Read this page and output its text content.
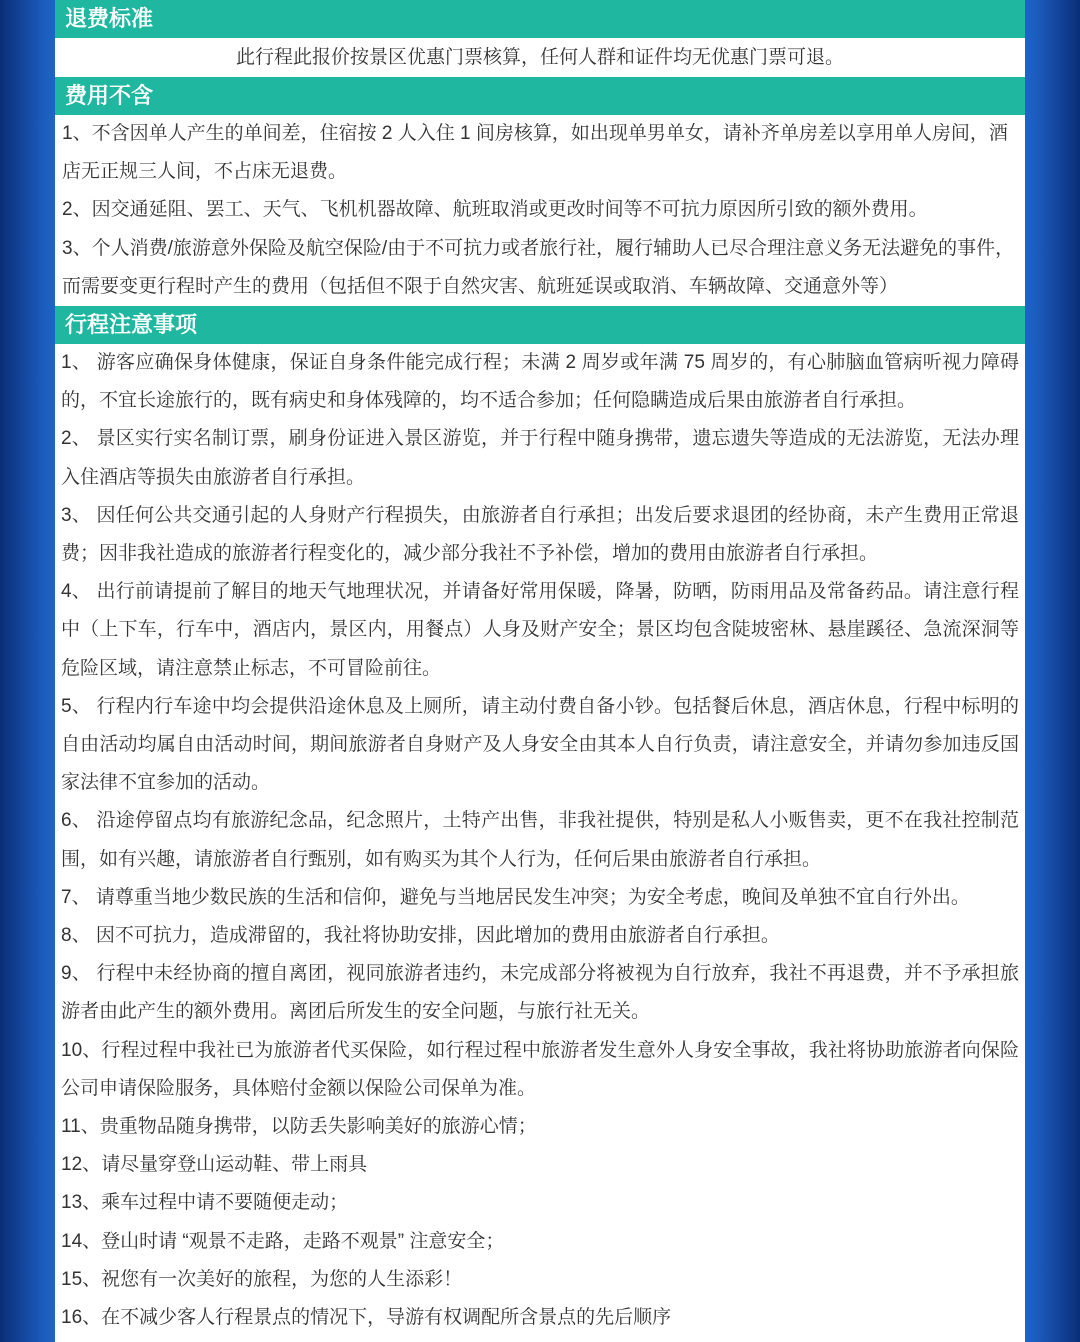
退费标准
此行程此报价按景区优惠门票核算，任何人群和证件均无优惠门票可退。
费用不含

1、不含因单人产生的单间差，住宿按 2 人入住 1 间房核算，如出现单男单女，请补齐单房差以享用单人房间，酒店无正规三人间，不占床无退费。

2、因交通延阻、罢工、天气、飞机机器故障、航班取消或更改时间等不可抗力原因所引致的额外费用。

3、个人消费/旅游意外保险及航空保险/由于不可抗力或者旅行社，履行辅助人已尽合理注意义务无法避免的事件，而需要变更行程时产生的费用（包括但不限于自然灾害、航班延误或取消、车辆故障、交通意外等）

行程注意事项

1、 游客应确保身体健康，保证自身条件能完成行程；未满 2 周岁或年满 75 周岁的，有心肺脑血管病听视力障碍的，不宜长途旅行的，既有病史和身体残障的，均不适合参加；任何隐瞒造成后果由旅游者自行承担。

2、 景区实行实名制订票，刷身份证进入景区游览，并于行程中随身携带，遗忘遗失等造成的无法游览，无法办理入住酒店等损失由旅游者自行承担。

3、 因任何公共交通引起的人身财产行程损失，由旅游者自行承担；出发后要求退团的经协商，未产生费用正常退费；因非我社造成的旅游者行程变化的，减少部分我社不予补偿，增加的费用由旅游者自行承担。

4、 出行前请提前了解目的地天气地理状况，并请备好常用保暖，降暑，防晒，防雨用品及常备药品。请注意行程中（上下车，行车中，酒店内，景区内，用餐点）人身及财产安全；景区均包含陡坡密林、悬崖蹊径、急流深洞等危险区域，请注意禁止标志，不可冒险前往。

5、 行程内行车途中均会提供沿途休息及上厕所，请主动付费自备小钞。包括餐后休息，酒店休息，行程中标明的自由活动均属自由活动时间，期间旅游者自身财产及人身安全由其本人自行负责，请注意安全，并请勿参加违反国家法律不宜参加的活动。

6、 沿途停留点均有旅游纪念品，纪念照片，土特产出售，非我社提供，特别是私人小贩售卖，更不在我社控制范围，如有兴趣，请旅游者自行甄别，如有购买为其个人行为，任何后果由旅游者自行承担。

7、 请尊重当地少数民族的生活和信仰，避免与当地居民发生冲突；为安全考虑，晚间及单独不宜自行外出。

8、 因不可抗力，造成滞留的，我社将协助安排，因此增加的费用由旅游者自行承担。

9、 行程中未经协商的擅自离团，视同旅游者违约，未完成部分将被视为自行放弃，我社不再退费，并不予承担旅游者由此产生的额外费用。离团后所发生的安全问题，与旅行社无关。

10、行程过程中我社已为旅游者代买保险，如行程过程中旅游者发生意外人身安全事故，我社将协助旅游者向保险公司申请保险服务，具体赔付金额以保险公司保单为准。

11、贵重物品随身携带，以防丢失影响美好的旅游心情；

12、请尽量穿登山运动鞋、带上雨具

13、乘车过程中请不要随便走动；

14、登山时请 “观景不走路，走路不观景” 注意安全；

15、祝您有一次美好的旅程，为您的人生添彩！

16、在不减少客人行程景点的情况下，导游有权调配所含景点的先后顺序
